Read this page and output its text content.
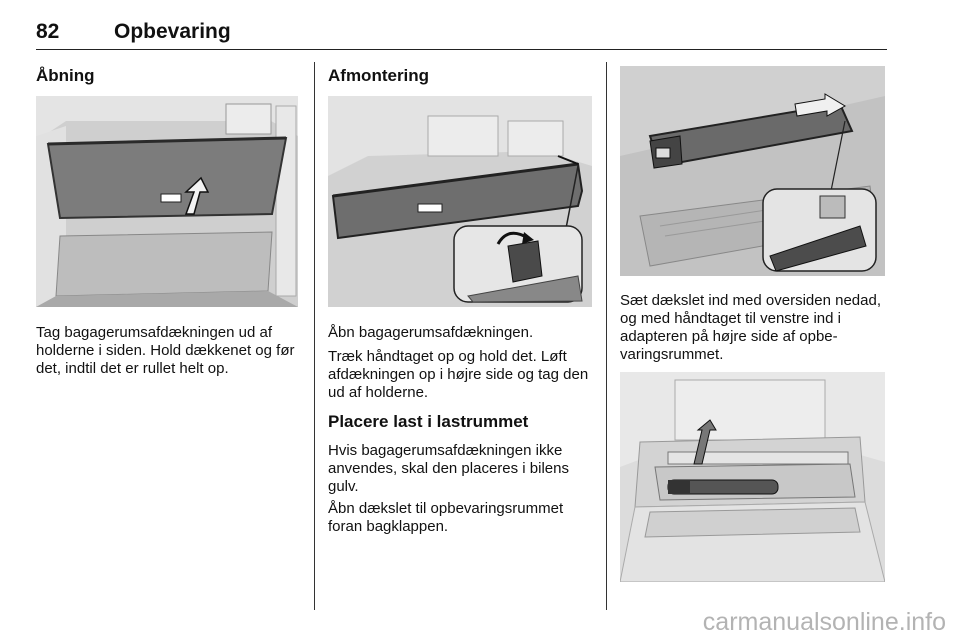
82	Opbevaring
Åbning
Tag bagagerumsafdækningen ud af holderne i siden. Hold dækkenet og før det, indtil det er rullet helt op.
Afmontering
Åbn bagagerumsafdækningen.
Træk håndtaget op og hold det. Løft afdækningen op i højre side og tag den ud af holderne.
Placere last i lastrummet
Hvis bagagerumsafdækningen ikke anvendes, skal den placeres i bilens gulv.
Åbn dækslet til opbevaringsrummet foran bagklappen.
Sæt dækslet ind med oversiden nedad, og med håndtaget til venstre ind i adapteren på højre side af opbevaringsrummet.
carmanualsonline.info
